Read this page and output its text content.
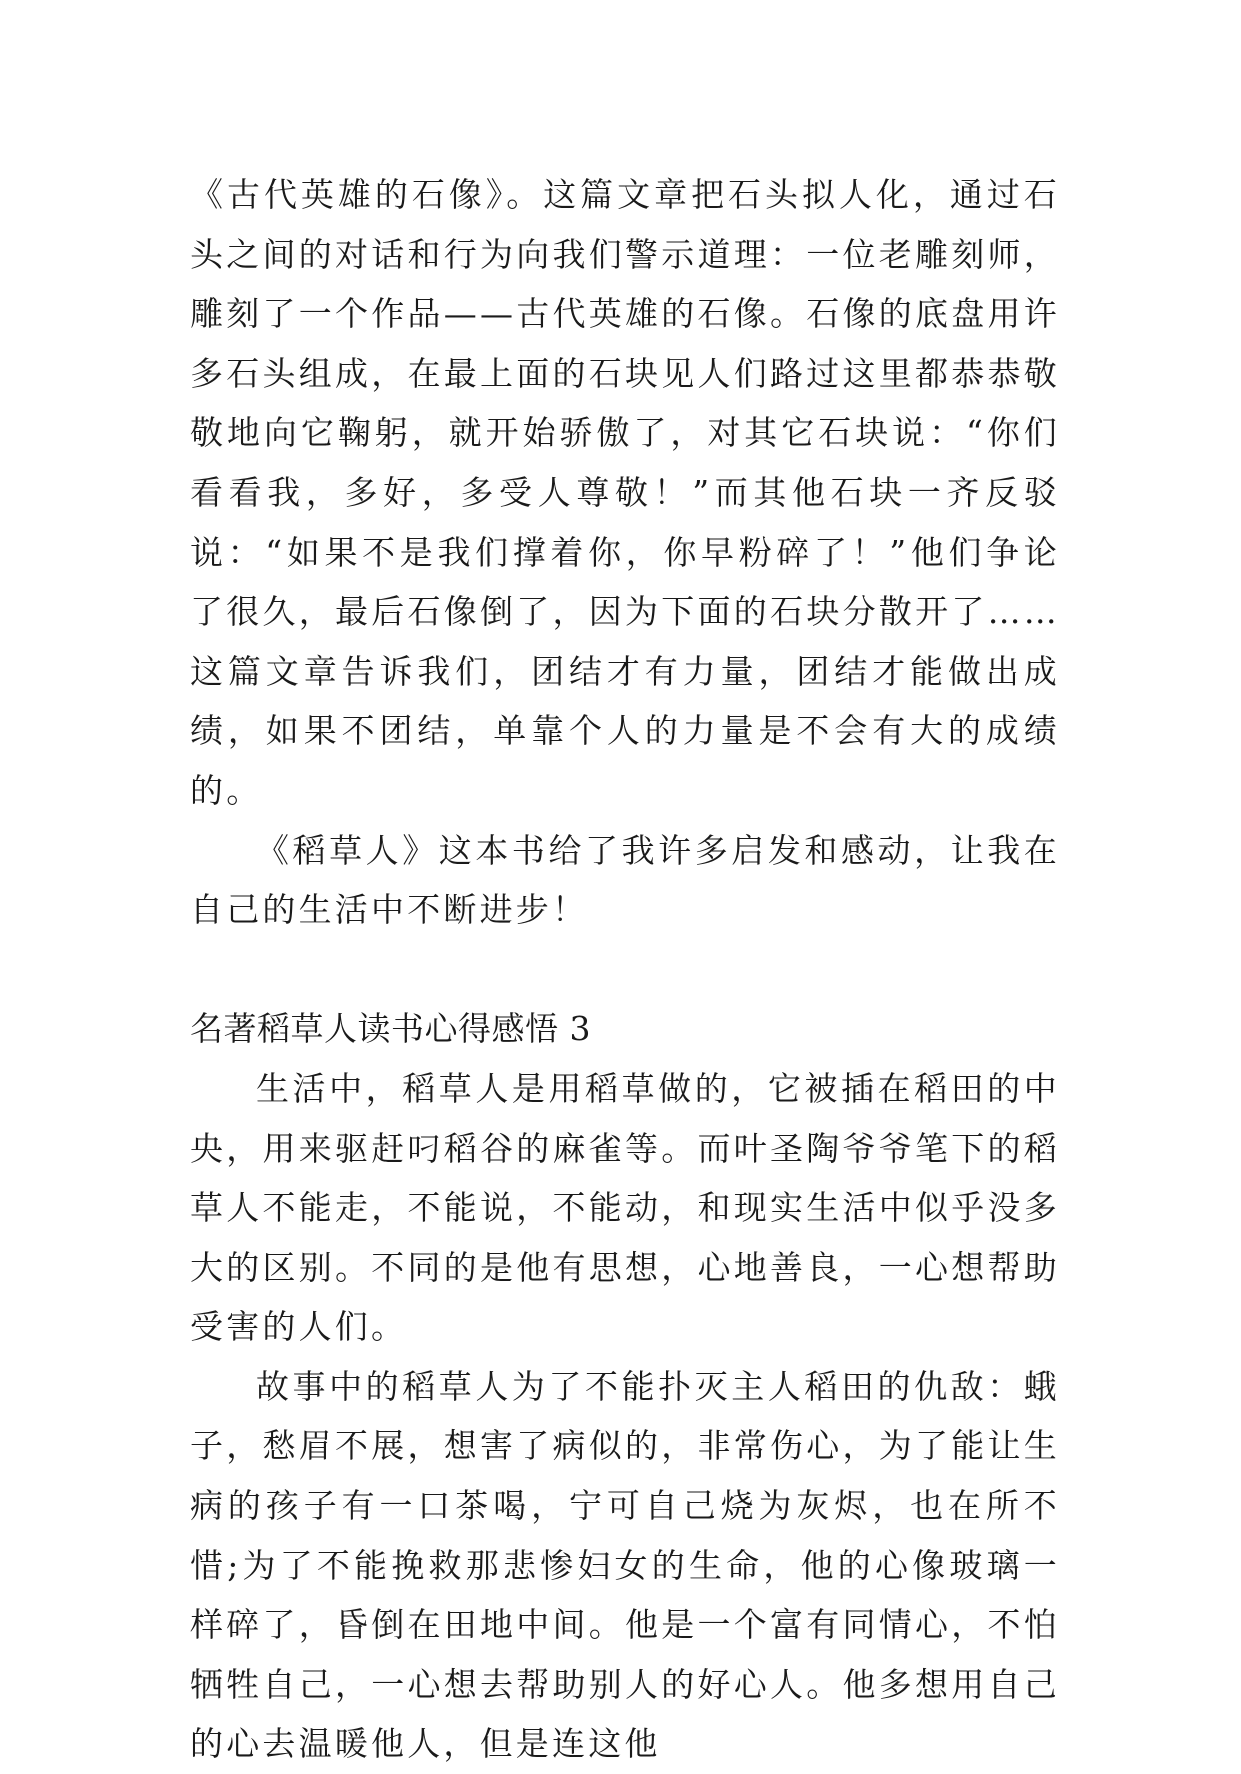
《古代英雄的石像》。这篇文章把石头拟人化，通过石头之间的对话和行为向我们警示道理：一位老雕刻师，雕刻了一个作品——古代英雄的石像。石像的底盘用许多石头组成，在最上面的石块见人们路过这里都恭恭敬敬地向它鞠躬，就开始骄傲了，对其它石块说：“你们看看我，多好，多受人尊敬！”而其他石块一齐反驳说：“如果不是我们撑着你，你早粉碎了！”他们争论了很久，最后石像倒了，因为下面的石块分散开了……这篇文章告诉我们，团结才有力量，团结才能做出成绩，如果不团结，单靠个人的力量是不会有大的成绩的。

《稻草人》这本书给了我许多启发和感动，让我在自己的生活中不断进步！

名著稻草人读书心得感悟 3

生活中，稻草人是用稻草做的，它被插在稻田的中央，用来驱赶叼稻谷的麻雀等。而叶圣陶爷爷笔下的稻草人不能走，不能说，不能动，和现实生活中似乎没多大的区别。不同的是他有思想，心地善良，一心想帮助受害的人们。

故事中的稻草人为了不能扑灭主人稻田的仇敌：蛾子，愁眉不展，想害了病似的，非常伤心，为了能让生病的孩子有一口茶喝，宁可自己烧为灰烬，也在所不惜;为了不能挽救那悲惨妇女的生命，他的心像玻璃一样碎了，昏倒在田地中间。他是一个富有同情心，不怕牺牲自己，一心想去帮助别人的好心人。他多想用自己的心去温暖他人，但是连这他
